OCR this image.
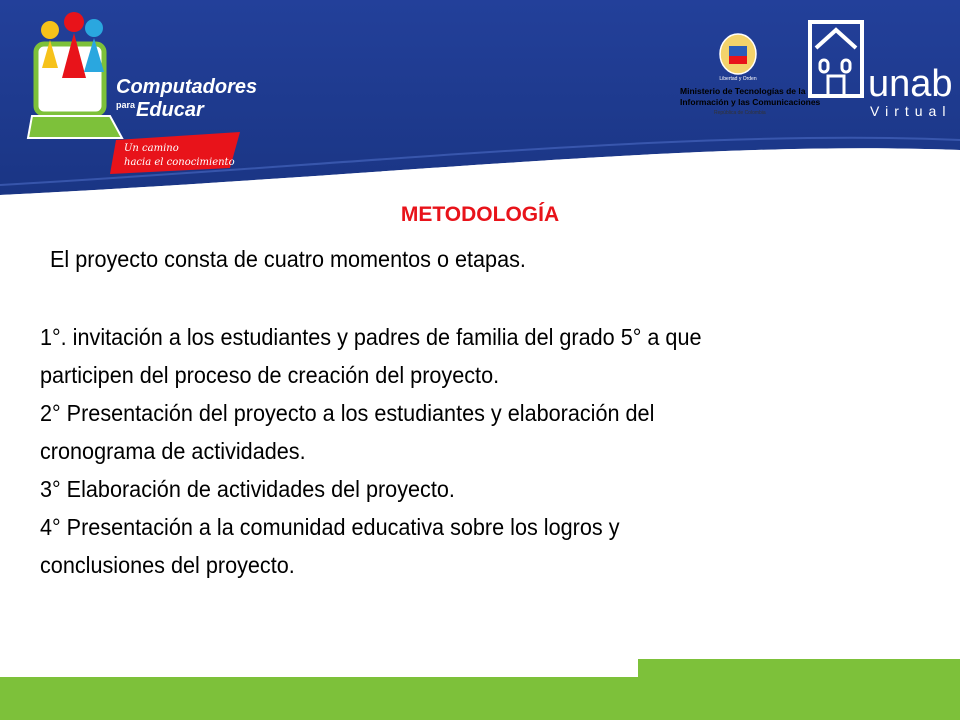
Computadores
para Educar
Un camino
hacia el conocimiento
Libertad y Orden
Ministerio de Tecnologías de la
Información y las Comunicaciones
República de Colombia
unab
Virtual
METODOLOGÍA
El proyecto consta de cuatro momentos o etapas.
1°. invitación a los estudiantes y padres de familia del grado 5° a que
participen del proceso de creación del proyecto.
2° Presentación del proyecto a los estudiantes y elaboración del
cronograma de actividades.
3° Elaboración de actividades del proyecto.
4° Presentación a la comunidad educativa sobre los logros y
conclusiones del proyecto.
